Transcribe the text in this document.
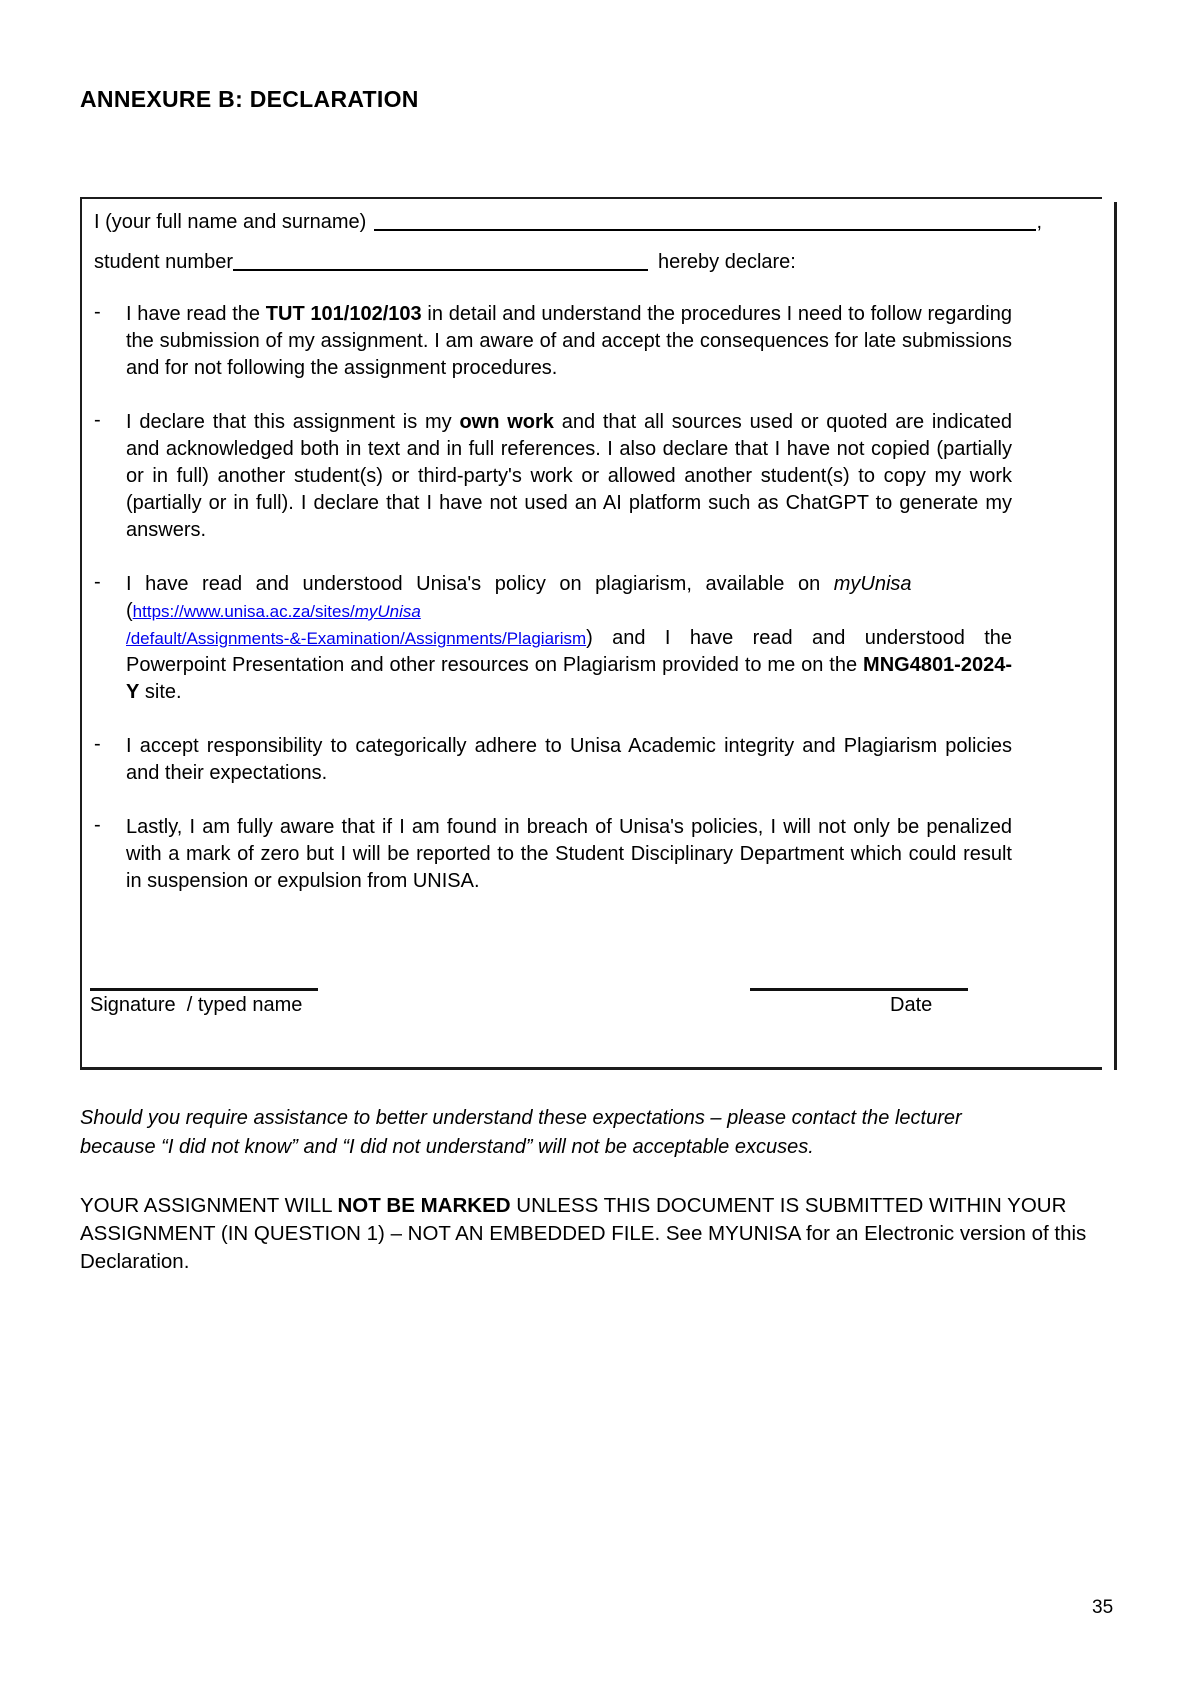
ANNEXURE B: DECLARATION
I (your full name and surname)	,
student number	hereby declare:
-	I have read the TUT 101/102/103 in detail and understand the procedures I need to follow regarding the submission of my assignment. I am aware of and accept the consequences for late submissions and for not following the assignment procedures.
-	I declare that this assignment is my own work and that all sources used or quoted are indicated and acknowledged both in text and in full references. I also declare that I have not copied (partially or in full) another student(s) or third-party's work or allowed another student(s) to copy my work (partially or in full). I declare that I have not used an AI platform such as ChatGPT to generate my answers.
-	I have read and understood Unisa's policy on plagiarism, available on myUnisa
(https://www.unisa.ac.za/sites/myUnisa
/default/Assignments-&-Examination/Assignments/Plagiarism) and I have read and understood the Powerpoint Presentation and other resources on Plagiarism provided to me on the MNG4801-2024-Y site.
-	I accept responsibility to categorically adhere to Unisa Academic integrity and Plagiarism policies and their expectations.
-	Lastly, I am fully aware that if I am found in breach of Unisa's policies, I will not only be penalized with a mark of zero but I will be reported to the Student Disciplinary Department which could result in suspension or expulsion from UNISA.
Signature  / typed name	Date
Should you require assistance to better understand these expectations – please contact the lecturer because “I did not know” and “I did not understand” will not be acceptable excuses.
YOUR ASSIGNMENT WILL NOT BE MARKED UNLESS THIS DOCUMENT IS SUBMITTED WITHIN YOUR ASSIGNMENT (IN QUESTION 1) – NOT AN EMBEDDED FILE. See MYUNISA for an Electronic version of this Declaration.
35
